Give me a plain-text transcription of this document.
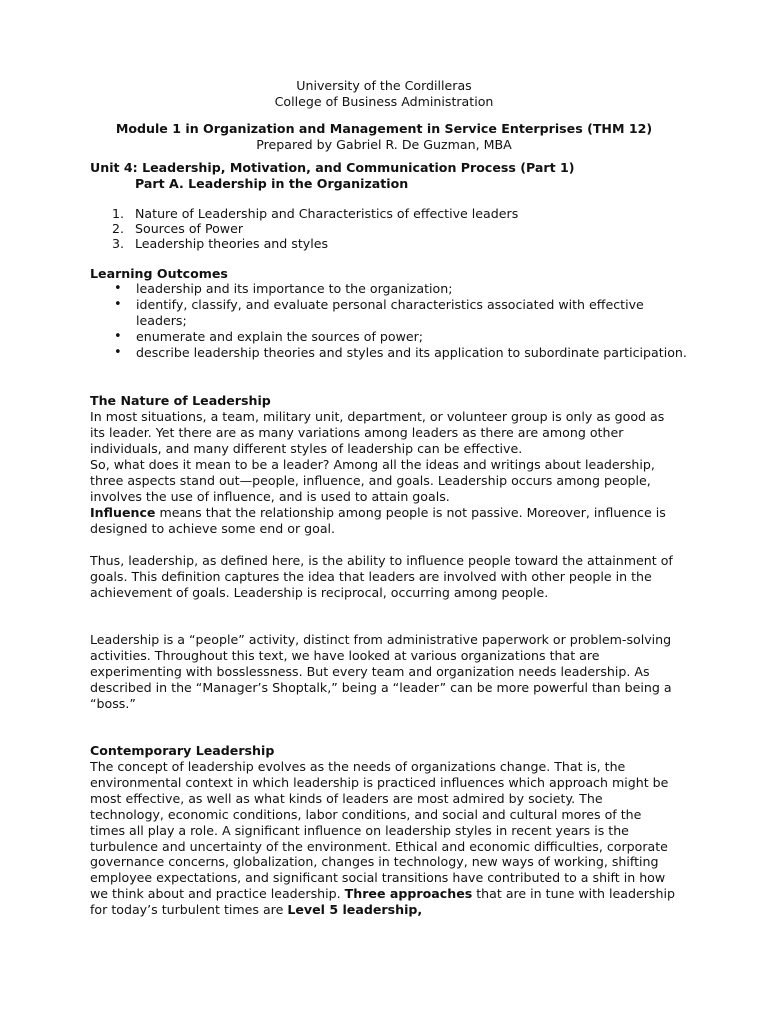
University of the Cordilleras
College of Business Administration
Module 1 in Organization and Management in Service Enterprises (THM 12)
Prepared by Gabriel R. De Guzman, MBA
Unit 4: Leadership, Motivation, and Communication Process (Part 1)
Part A. Leadership in the Organization
1. Nature of Leadership and Characteristics of effective leaders
2. Sources of Power
3. Leadership theories and styles
Learning Outcomes
• leadership and its importance to the organization;
• identify, classify, and evaluate personal characteristics associated with effective leaders;
• enumerate and explain the sources of power;
• describe leadership theories and styles and its application to subordinate participation.
The Nature of Leadership
In most situations, a team, military unit, department, or volunteer group is only as good as its leader. Yet there are as many variations among leaders as there are among other individuals, and many different styles of leadership can be effective.
So, what does it mean to be a leader? Among all the ideas and writings about leadership, three aspects stand out—people, influence, and goals. Leadership occurs among people, involves the use of influence, and is used to attain goals.
Influence means that the relationship among people is not passive. Moreover, influence is designed to achieve some end or goal.
Thus, leadership, as defined here, is the ability to influence people toward the attainment of goals. This definition captures the idea that leaders are involved with other people in the achievement of goals. Leadership is reciprocal, occurring among people.
Leadership is a “people” activity, distinct from administrative paperwork or problem-solving activities. Throughout this text, we have looked at various organizations that are experimenting with bosslessness. But every team and organization needs leadership. As described in the “Manager’s Shoptalk,” being a “leader” can be more powerful than being a “boss.”
Contemporary Leadership
The concept of leadership evolves as the needs of organizations change. That is, the environmental context in which leadership is practiced influences which approach might be most effective, as well as what kinds of leaders are most admired by society. The technology, economic conditions, labor conditions, and social and cultural mores of the times all play a role. A significant influence on leadership styles in recent years is the turbulence and uncertainty of the environment. Ethical and economic difficulties, corporate governance concerns, globalization, changes in technology, new ways of working, shifting employee expectations, and significant social transitions have contributed to a shift in how we think about and practice leadership. Three approaches that are in tune with leadership for today’s turbulent times are Level 5 leadership,
